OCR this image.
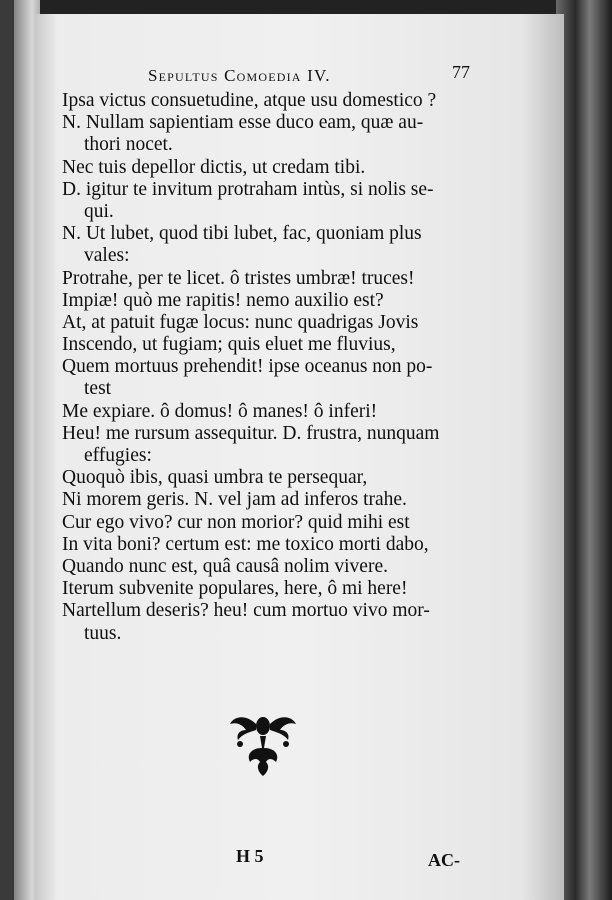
Sepultus Comoedia IV.	77
Ipsa victus consuetudine, atque usu domestico ?
N. Nullam sapientiam esse duco eam, quæ au-
thori nocet.
Nec tuis depellor dictis, ut credam tibi.
D. igitur te invitum protraham intùs, si nolis se-
qui.
N. Ut lubet, quod tibi lubet, fac, quoniam plus
vales:
Protrahe, per te licet. ô tristes umbræ! truces!
Impiæ! quò me rapitis! nemo auxilio est?
At, at patuit fugæ locus: nunc quadrigas Jovis
Inscendo, ut fugiam; quis eluet me fluvius,
Quem mortuus prehendit! ipse oceanus non po-
test
Me expiare. ô domus! ô manes! ô inferi!
Heu! me rursum assequitur. D. frustra, nunquam
effugies:
Quoquò ibis, quasi umbra te persequar,
Ni morem geris. N. vel jam ad inferos trahe.
Cur ego vivo? cur non morior? quid mihi est
In vita boni? certum est: me toxico morti dabo,
Quando nunc est, quâ causâ nolim vivere.
Iterum subvenite populares, here, ô mi here!
Nartellum deseris? heu! cum mortuo vivo mor-
tuus.
H 5	AC-
